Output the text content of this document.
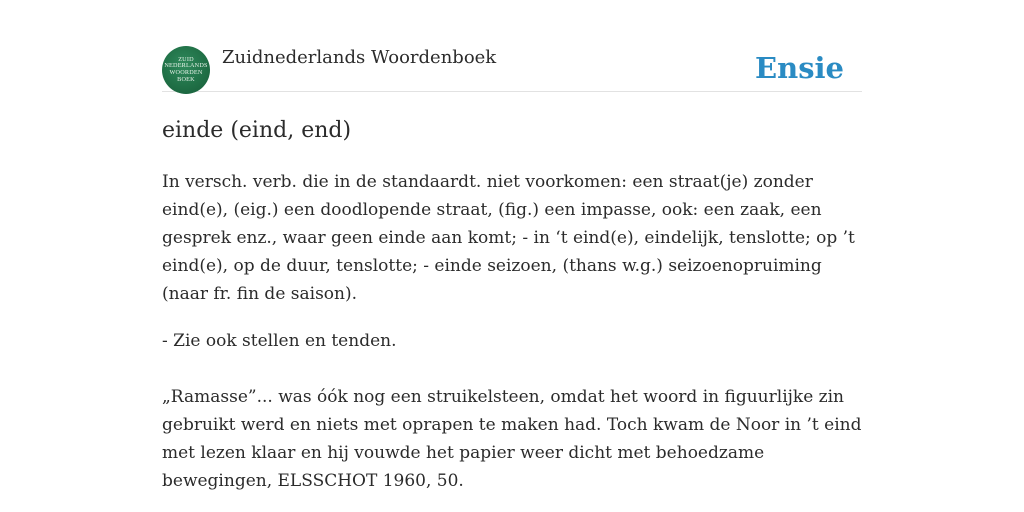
ZUID
NEDERLANDS
WOORDEN
BOEK
Zuidnederlands Woordenboek	Ensie
einde (eind, end)

In versch. verb. die in de standaardt. niet voorkomen: een straat(je) zonder eind(e), (eig.) een doodlopende straat, (fig.) een impasse, ook: een zaak, een gesprek enz., waar geen einde aan komt; - in ‘t eind(e), eindelijk, tenslotte; op ’t eind(e), op de duur, tenslotte; - einde seizoen, (thans w.g.) seizoenopruiming (naar fr. fin de saison).

- Zie ook stellen en tenden.

„Ramasse”... was óók nog een struikelsteen, omdat het woord in figuurlijke zin gebruikt werd en niets met oprapen te maken had. Toch kwam de Noor in ’t eind met lezen klaar en hij vouwde het papier weer dicht met behoedzame bewegingen, ELSSCHOT 1960, 50.
